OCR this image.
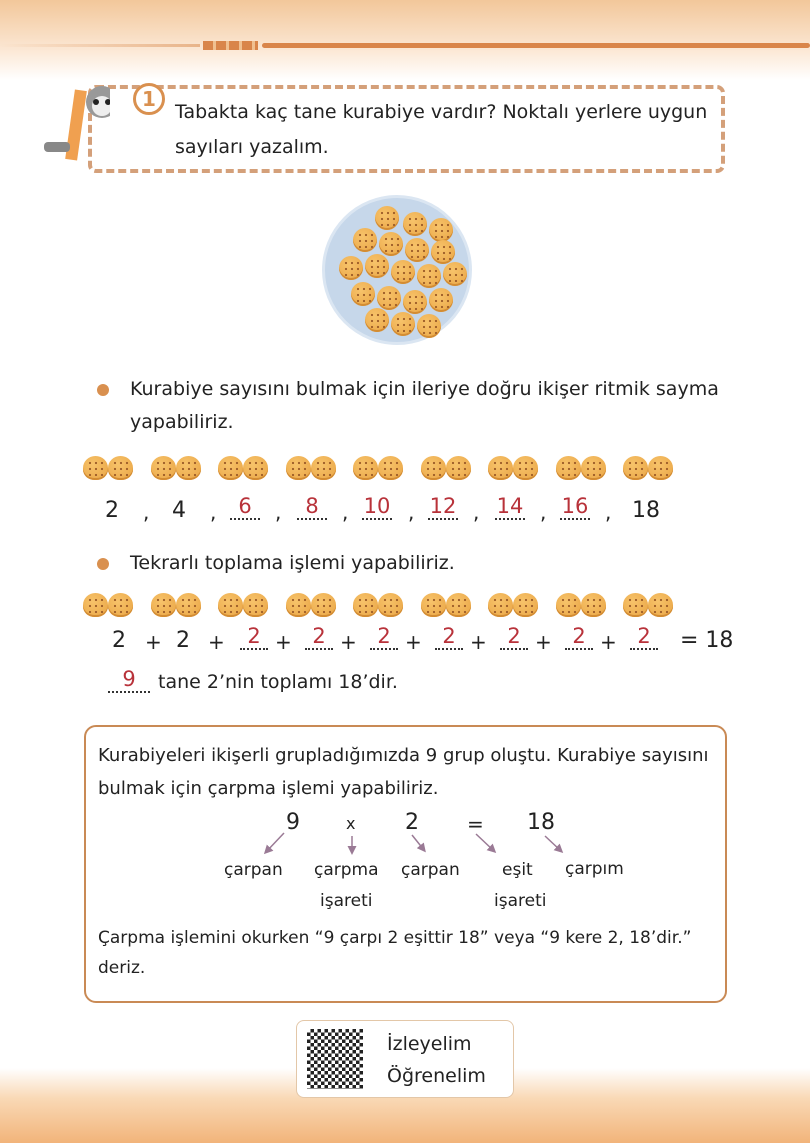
1
Tabakta kaç tane kurabiye vardır? Noktalı yerlere uygun
sayıları yazalım.
Kurabiye sayısını bulmak için ileriye doğru ikişer ritmik sayma
yapabiliriz.
2 4	6	8	10 12 14 16 18
,	,	,	,	,	,	,	,
Tekrarlı toplama işlemi yapabiliriz.
2 2	= 18
+ +	+ + + + + +
2	2	2	2	2	2	2
9	tane 2’nin toplamı 18’dir.
Kurabiyeleri ikişerli grupladığımızda 9 grup oluştu. Kurabiye sayısını
bulmak için çarpma işlemi yapabiliriz.
9	x 2 = 18
çarpan çarpma
işareti
çarpan eşit
işareti
çarpım
Çarpma işlemini okurken “9 çarpı 2 eşittir 18” veya “9 kere 2, 18’dir.”
deriz.
İzleyelim
Öğrenelim
